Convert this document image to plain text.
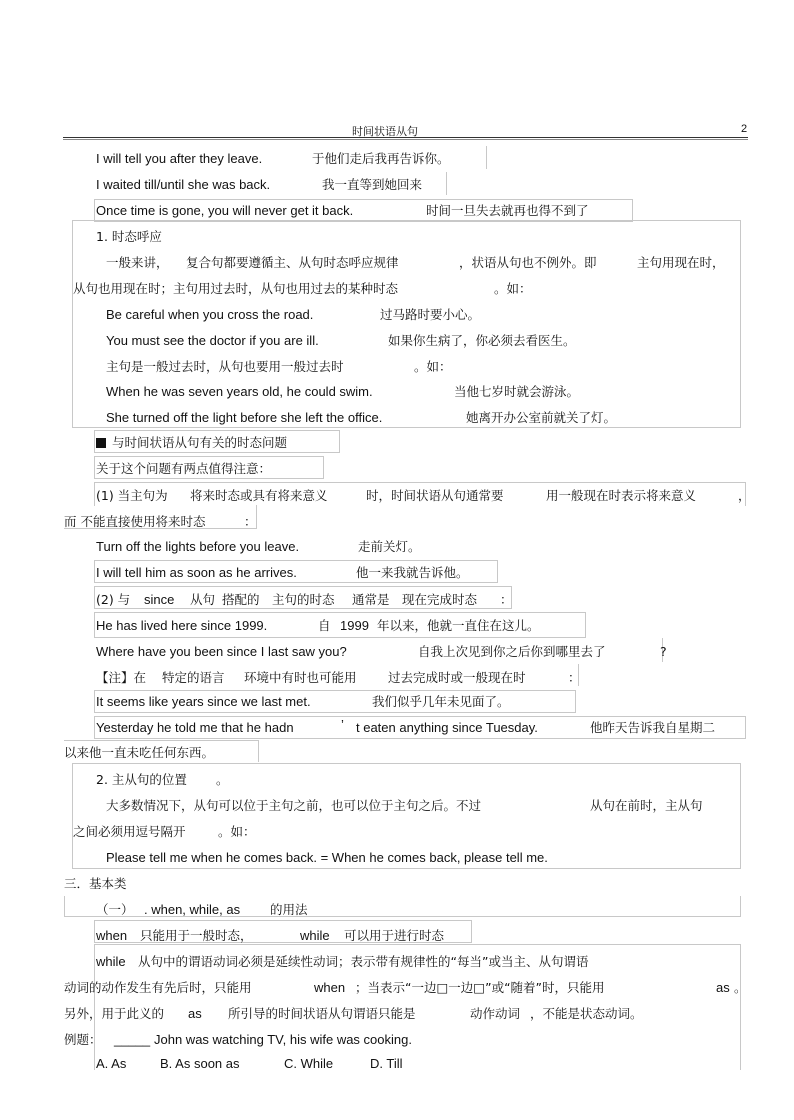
时间状语从句	2
I will tell you after they leave.	于他们走后我再告诉你。
I waited till/until she was back.	我一直等到她回来
Once time is gone, you will never get it back.	时间一旦失去就再也得不到了
1. 时态呼应
一般来讲， 复合句都要遵循主、从句时态呼应规律	，状语从句也不例外。即	主句用现在时，
从句也用现在时；主句用过去时，从句也用过去的某种时态	。如：
Be careful when you cross the road.	过马路时要小心。
You must see the doctor if you are ill.	如果你生病了，你必须去看医生。
主句是一般过去时，从句也要用一般过去时	。如：
When he was seven years old, he could swim.	当他七岁时就会游泳。
She turned off the light before she left the office.	她离开办公室前就关了灯。
与时间状语从句有关的时态问题
关于这个问题有两点值得注意：
(1) 当主句为 将来时态或具有将来意义	时，时间状语从句通常要	用一般现在时表示将来意义	，
而 不能直接使用将来时态	：
Turn off the lights before you leave.	走前关灯。
I will tell him as soon as he arrives.	他一来我就告诉他。
(2) 与 since 从句 搭配的 主句的时态 通常是 现在完成时态 ：
He has lived here since 1999.	自 1999 年以来，他就一直住在这儿。
Where have you been since I last saw you?	自我上次见到你之后你到哪里去了	?
【注】在 特定的语言 环境中有时也可能用	过去完成时或一般现在时	：
It seems like years since we last met.	我们似乎几年未见面了。
Yesterday he told me that he hadn	’ t eaten anything since Tuesday.	他昨天告诉我自星期二
以来他一直未吃任何东西。
2. 主从句的位置 。
大多数情况下，从句可以位于主句之前，也可以位于主句之后。不过	从句在前时，主从句
之间必须用逗号隔开	。如：
Please tell me when he comes back. = When he comes back, please tell me.
三．基本类
（一） . when, while, as 的用法
when 只能用于一般时态，	while 可以用于进行时态
while 从句中的谓语动词必须是延续性动词；表示带有规律性的“每当”或当主、从句谓语
动词的动作发生有先后时，只能用	when ；当表示“一边□一边□”或“随着”时，只能用	as 。
另外，用于此义的 as 所引导的时间状语从句谓语只能是	动作动词 ，不能是状态动词。
例题： _____ John was watching TV, his wife was cooking.
A. As	B. As soon as	C. While	D. Till
